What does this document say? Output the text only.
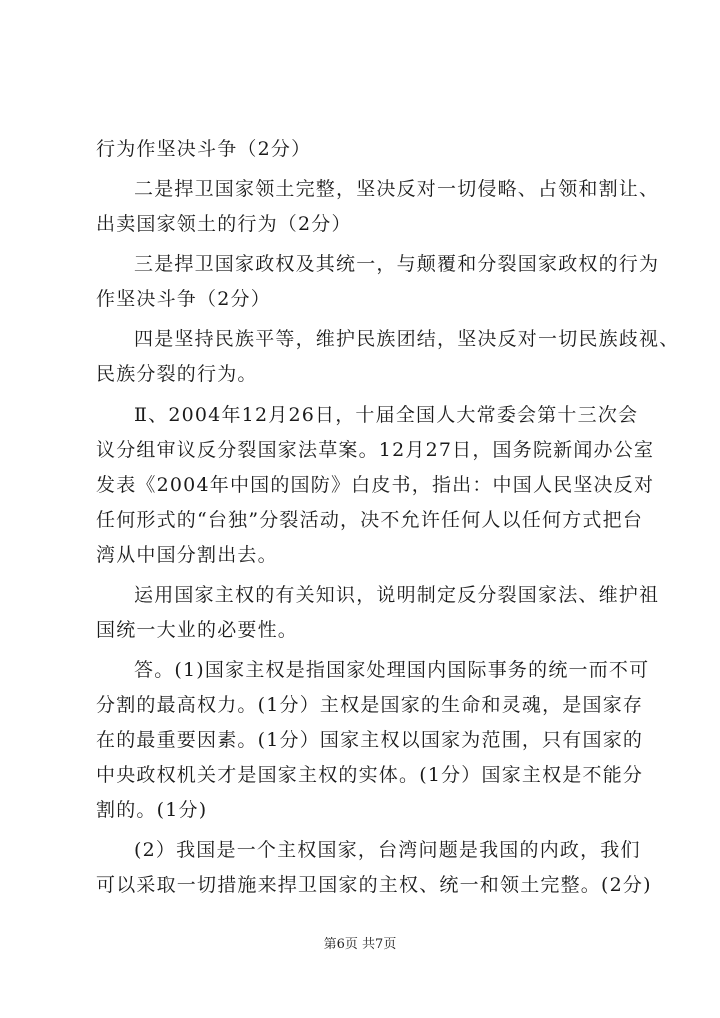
行为作坚决斗争（2分）
二是捍卫国家领土完整，坚决反对一切侵略、占领和割让、
出卖国家领土的行为（2分）
三是捍卫国家政权及其统一，与颠覆和分裂国家政权的行为
作坚决斗争（2分）
四是坚持民族平等，维护民族团结，坚决反对一切民族歧视、
民族分裂的行为。
Ⅱ、2004年12月26日，十届全国人大常委会第十三次会
议分组审议反分裂国家法草案。12月27日，国务院新闻办公室
发表《2004年中国的国防》白皮书，指出：中国人民坚决反对
任何形式的“台独”分裂活动，决不允许任何人以任何方式把台
湾从中国分割出去。
运用国家主权的有关知识，说明制定反分裂国家法、维护祖
国统一大业的必要性。
答。(1)国家主权是指国家处理国内国际事务的统一而不可
分割的最高权力。(1分）主权是国家的生命和灵魂，是国家存
在的最重要因素。(1分）国家主权以国家为范围，只有国家的
中央政权机关才是国家主权的实体。(1分）国家主权是不能分
割的。(1分)
(2）我国是一个主权国家，台湾问题是我国的内政，我们
可以采取一切措施来捍卫国家的主权、统一和领土完整。(2分)
第6页 共7页
